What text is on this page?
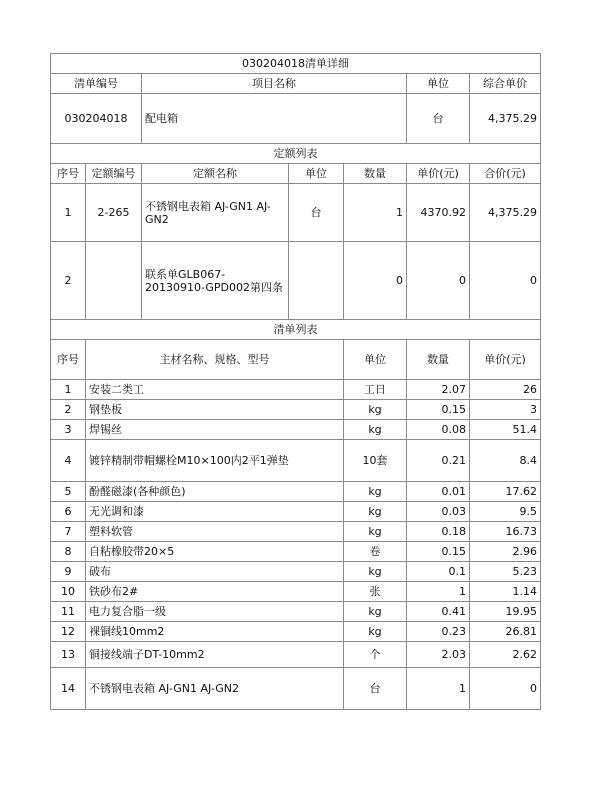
030204018清单详细							
清单编号		项目名称			单位	综合单价	
030204018		配电箱			台	4,375.29	
定额列表							
序号	定额编号	定额名称	单位	数量	单价(元)	合价(元)	
1	2-265	不锈钢电表箱 AJ-GN1 AJ-GN2	台	1	4370.92	4,375.29	
2		联系单GLB067-20130910-GPD002第四条		0	0	0	
清单列表							
序号	主材名称、规格、型号			单位	数量	单价(元)	
1	安装二类工			工日	2.07	26	
2	钢垫板			kg	0.15	3	
3	焊锡丝			kg	0.08	51.4	
4	镀锌精制带帽螺栓M10×100内2平1弹垫			10套	0.21	8.4	
5	酚醛磁漆(各种颜色)			kg	0.01	17.62	
6	无光调和漆			kg	0.03	9.5	
7	塑料软管			kg	0.18	16.73	
8	自粘橡胶带20×5			卷	0.15	2.96	
9	破布			kg	0.1	5.23	
10	铁砂布2#			张	1	1.14	
11	电力复合脂一级			kg	0.41	19.95	
12	裸铜线10mm2			kg	0.23	26.81	
13	铜接线端子DT-10mm2			个	2.03	2.62	
14	不锈钢电表箱 AJ-GN1 AJ-GN2			台	1	0	
